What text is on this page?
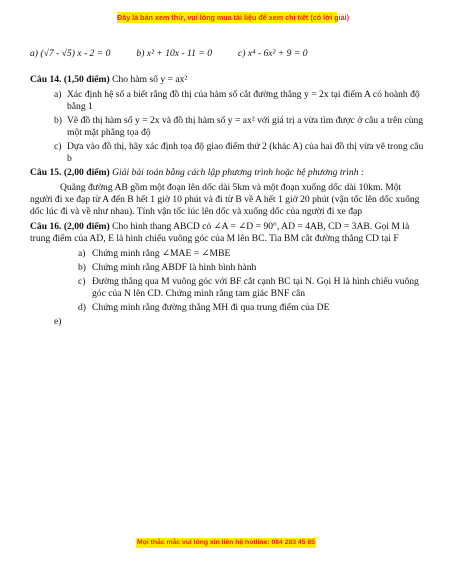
Đây là bản xem thử, vui lòng mua tài liệu để xem chi tiết (có lời giải)
a) (√7 - √5) x - 2 = 0	b) x² + 10x - 11 = 0	c) x⁴ - 6x² + 9 = 0
Câu 14. (1,50 điểm) Cho hàm số y = ax²
a) Xác định hệ số a biết rằng đồ thị của hàm số cắt đường thẳng y = 2x tại điểm A có hoành độ bằng 1
b) Vẽ đồ thị hàm số y = 2x và đồ thị hàm số y = ax² với giá trị a vừa tìm được ở câu a trên cùng một mặt phẳng tọa độ
c) Dựa vào đồ thị, hãy xác định tọa độ giao điểm thứ 2 (khác A) của hai đồ thị vừa vẽ trong câu b
Câu 15. (2,00 điểm) Giải bài toán bằng cách lập phương trình hoặc hệ phương trình :
Quãng đường AB gồm một đoạn lên dốc dài 5km và một đoạn xuống dốc dài 10km. Một người đi xe đạp từ A đến B hết 1 giờ 10 phút và đi từ B về A hết 1 giờ 20 phút (vận tốc lên dốc xuống dốc lúc đi và về như nhau). Tính vận tốc lúc lên dốc và xuống dốc của người đi xe đạp
Câu 16. (2,00 điểm) Cho hình thang ABCD có ∠A = ∠D = 90°, AD = 4AB, CD = 3AB. Gọi M là trung điểm của AD, E là hình chiếu vuông góc của M lên BC. Tia BM cắt đường thẳng CD tại F
a) Chứng minh rằng ∠MAE = ∠MBE
b) Chứng minh rằng ABDF là hình bình hành
c) Đường thẳng qua M vuông góc với BF cắt cạnh BC tại N. Gọi H là hình chiếu vuông góc của N lên CD. Chứng minh rằng tam giác BNF cân
d) Chứng minh rằng đường thẳng MH đi qua trung điểm của DE
e)
Mọi thắc mắc vui lòng xin liên hệ hotline: 084 283 45 85
